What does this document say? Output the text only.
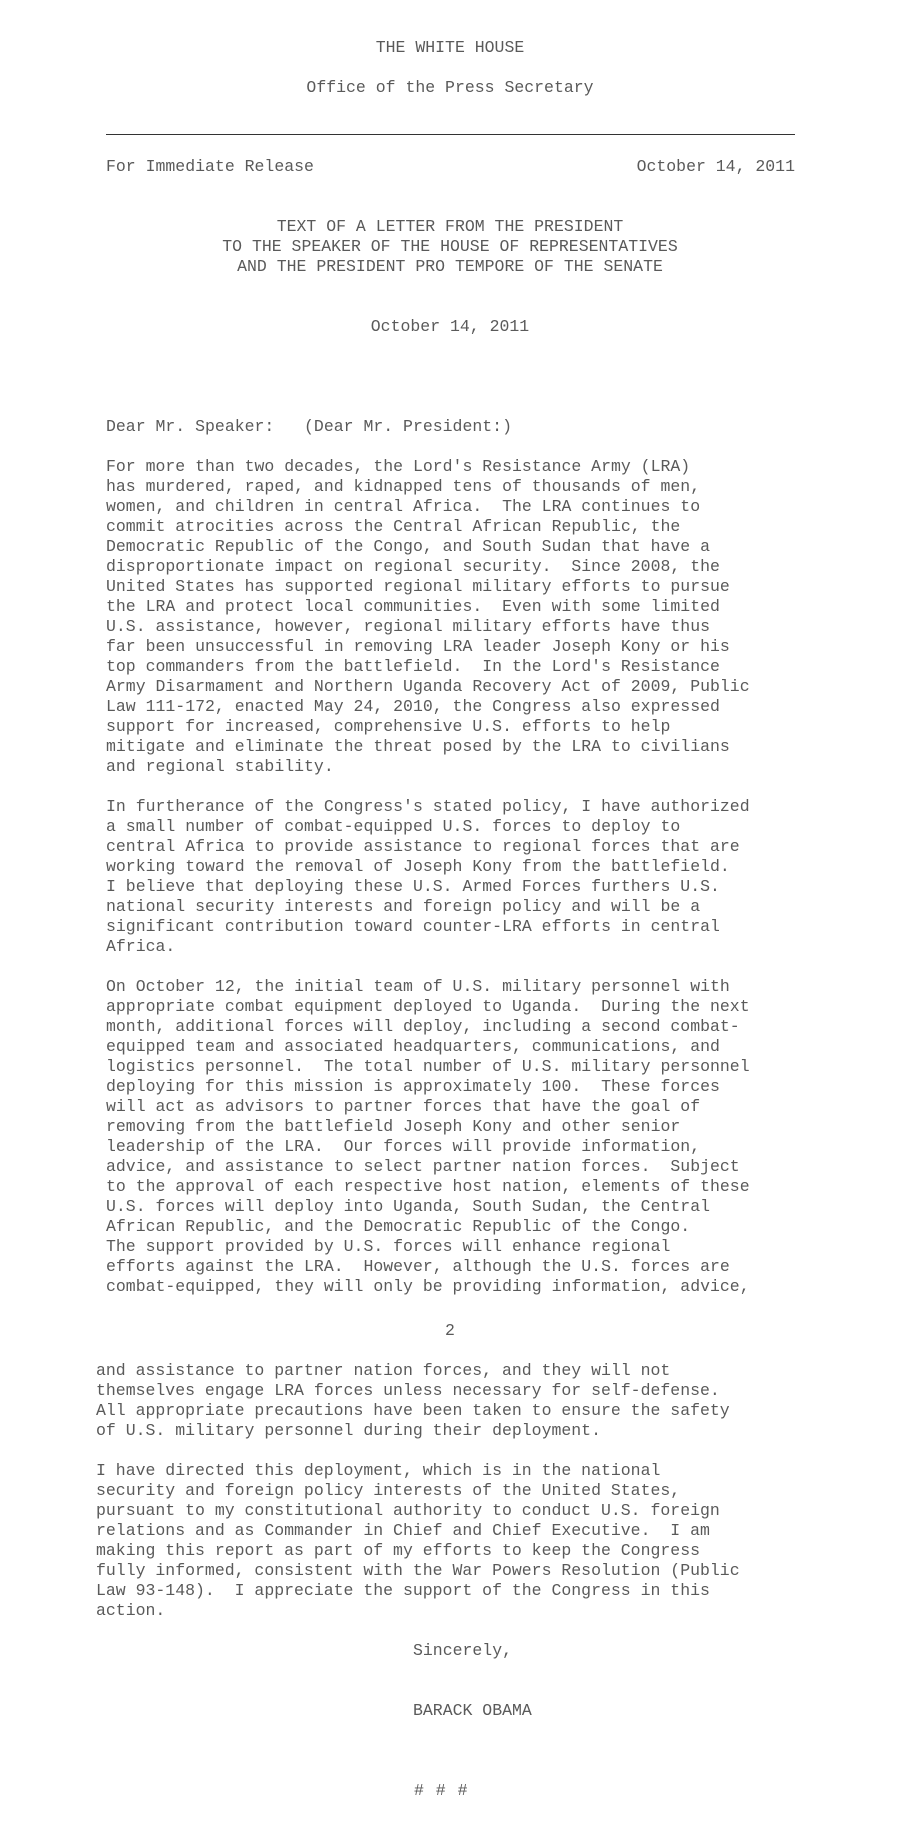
THE WHITE HOUSE
Office of the Press Secretary
For Immediate Release	October 14, 2011
TEXT OF A LETTER FROM THE PRESIDENT
TO THE SPEAKER OF THE HOUSE OF REPRESENTATIVES
AND THE PRESIDENT PRO TEMPORE OF THE SENATE
October 14, 2011
Dear Mr. Speaker:   (Dear Mr. President:)
For more than two decades, the Lord's Resistance Army (LRA)
has murdered, raped, and kidnapped tens of thousands of men,
women, and children in central Africa.  The LRA continues to
commit atrocities across the Central African Republic, the
Democratic Republic of the Congo, and South Sudan that have a
disproportionate impact on regional security.  Since 2008, the
United States has supported regional military efforts to pursue
the LRA and protect local communities.  Even with some limited
U.S. assistance, however, regional military efforts have thus
far been unsuccessful in removing LRA leader Joseph Kony or his
top commanders from the battlefield.  In the Lord's Resistance
Army Disarmament and Northern Uganda Recovery Act of 2009, Public
Law 111-172, enacted May 24, 2010, the Congress also expressed
support for increased, comprehensive U.S. efforts to help
mitigate and eliminate the threat posed by the LRA to civilians
and regional stability.
In furtherance of the Congress's stated policy, I have authorized
a small number of combat-equipped U.S. forces to deploy to
central Africa to provide assistance to regional forces that are
working toward the removal of Joseph Kony from the battlefield.
I believe that deploying these U.S. Armed Forces furthers U.S.
national security interests and foreign policy and will be a
significant contribution toward counter-LRA efforts in central
Africa.
On October 12, the initial team of U.S. military personnel with
appropriate combat equipment deployed to Uganda.  During the next
month, additional forces will deploy, including a second combat-
equipped team and associated headquarters, communications, and
logistics personnel.  The total number of U.S. military personnel
deploying for this mission is approximately 100.  These forces
will act as advisors to partner forces that have the goal of
removing from the battlefield Joseph Kony and other senior
leadership of the LRA.  Our forces will provide information,
advice, and assistance to select partner nation forces.  Subject
to the approval of each respective host nation, elements of these
U.S. forces will deploy into Uganda, South Sudan, the Central
African Republic, and the Democratic Republic of the Congo.
The support provided by U.S. forces will enhance regional
efforts against the LRA.  However, although the U.S. forces are
combat-equipped, they will only be providing information, advice,
2
and assistance to partner nation forces, and they will not
themselves engage LRA forces unless necessary for self-defense.
All appropriate precautions have been taken to ensure the safety
of U.S. military personnel during their deployment.
I have directed this deployment, which is in the national
security and foreign policy interests of the United States,
pursuant to my constitutional authority to conduct U.S. foreign
relations and as Commander in Chief and Chief Executive.  I am
making this report as part of my efforts to keep the Congress
fully informed, consistent with the War Powers Resolution (Public
Law 93-148).  I appreciate the support of the Congress in this
action.
Sincerely,
BARACK OBAMA
# # #
